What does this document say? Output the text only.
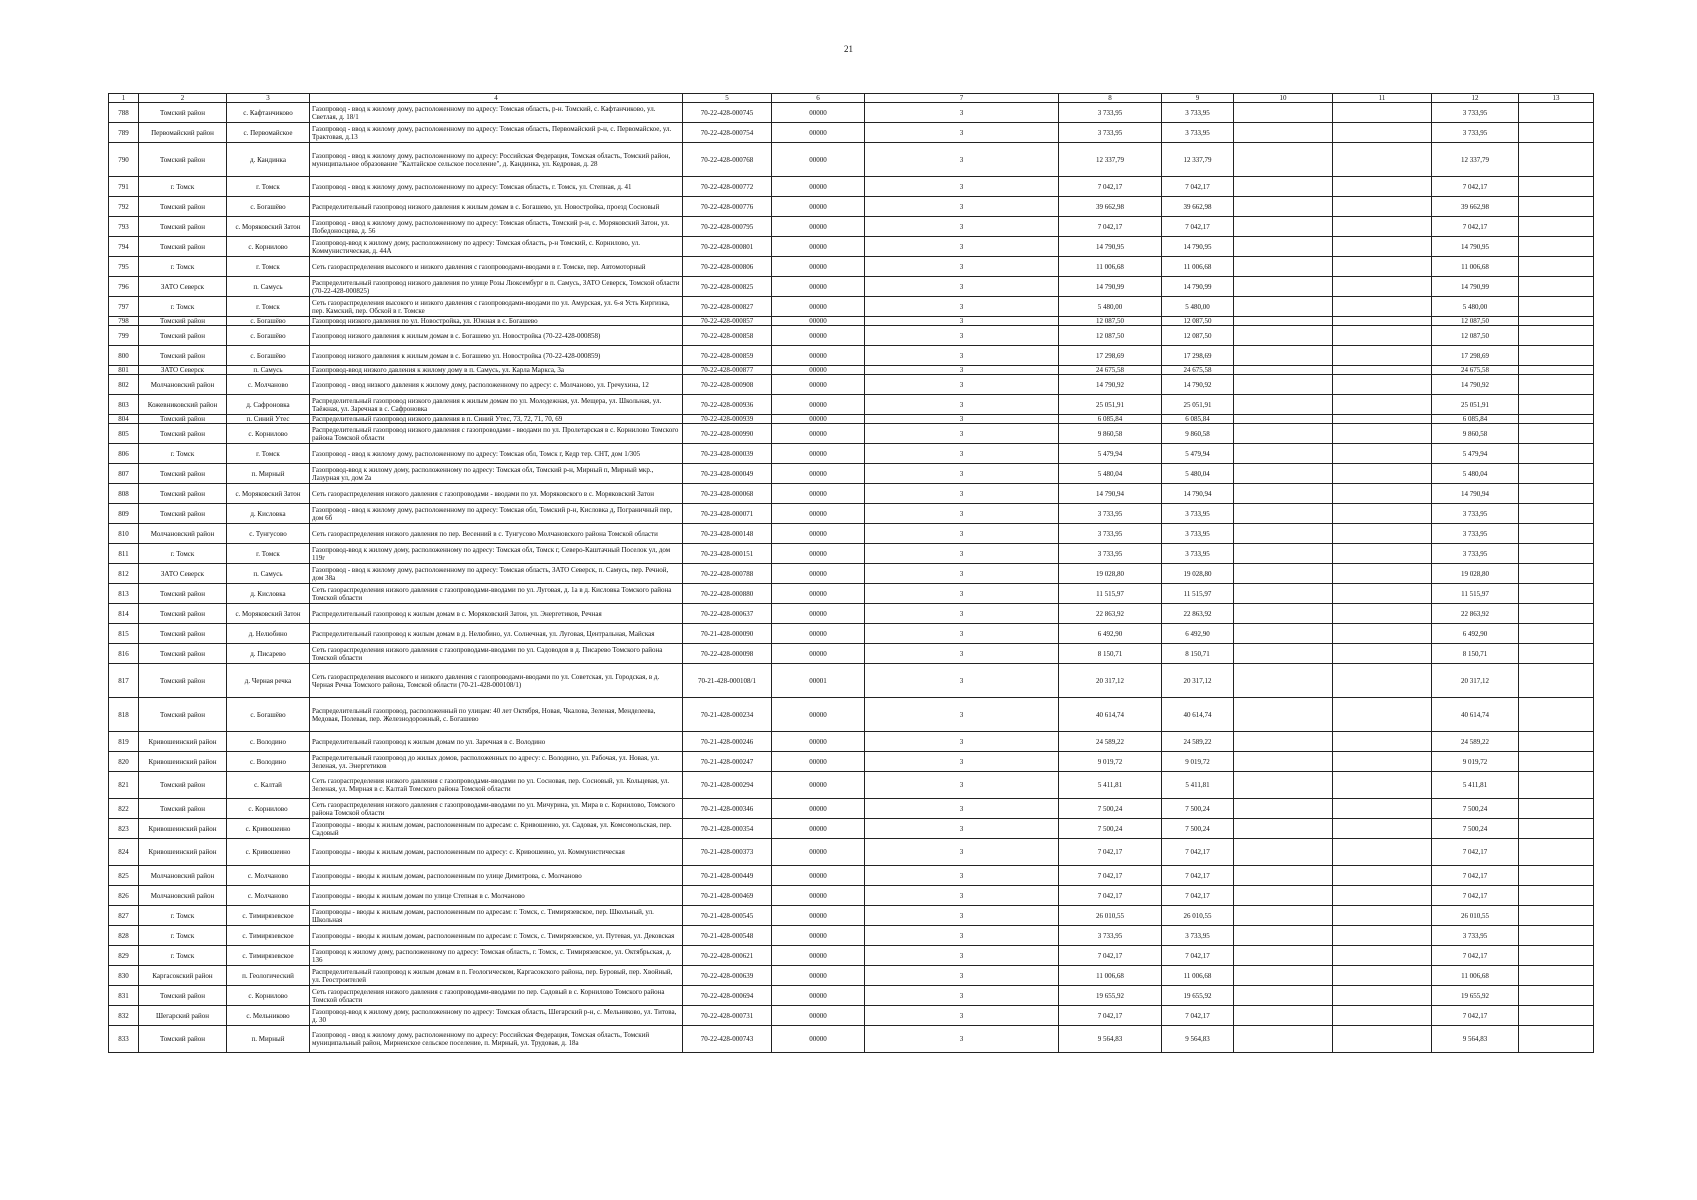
21
1	2	3	4	5	6	7	8	9	10	11	12	13
788	Томский район	с. Кафтанчиково	Газопровод - ввод к жилому дому, расположенному по адресу: Томская область, р-н. Томский, с. Кафтанчиково, ул. Светлая, д. 18/1	70-22-428-000745	00000	3	3 733,95	3 733,95			3 733,95	
789	Первомайский район	с. Первомайское	Газопровод - ввод к жилому дому, расположенному по адресу: Томская область, Первомайский р-н, с. Первомайское, ул. Трактовая, д.13	70-22-428-000754	00000	3	3 733,95	3 733,95			3 733,95	
790	Томский район	д. Кандинка	Газопровод - ввод к жилому дому, расположенному по адресу: Российская Федерация, Томская область, Томский район, муниципальное образование "Калтайское сельское поселение", д. Кандинка, ул. Кедровая, д. 28	70-22-428-000768	00000	3	12 337,79	12 337,79			12 337,79	
791	г. Томск	г. Томск	Газопровод - ввод к жилому дому, расположенному по адресу: Томская область, г. Томск, ул. Степная, д. 41	70-22-428-000772	00000	3	7 042,17	7 042,17			7 042,17	
792	Томский район	с. Богашёво	Распределительный газопровод низкого давления к жилым домам в с. Богашево, ул. Новостройка, проезд Сосновый	70-22-428-000776	00000	3	39 662,98	39 662,98			39 662,98	
793	Томский район	с. Моряковский Затон	Газопровод - ввод к жилому дому, расположенному по адресу: Томская область, Томский р-н, с. Моряковский Затон, ул. Победоносцева, д. 56	70-22-428-000795	00000	3	7 042,17	7 042,17			7 042,17	
794	Томский район	с. Корнилово	Газопровод-ввод к жилому дому, расположенному по адресу: Томская область, р-н Томский, с. Корнилово, ул. Коммунистическая, д. 44А	70-22-428-000801	00000	3	14 790,95	14 790,95			14 790,95	
795	г. Томск	г. Томск	Сеть газораспределения высокого и низкого давления с газопроводами-вводами в г. Томске, пер. Автомоторный	70-22-428-000806	00000	3	11 006,68	11 006,68			11 006,68	
796	ЗАТО Северск	п. Самусь	Распределительный газопровод низкого давления по улице Розы Люксембург в п. Самусь, ЗАТО Северск, Томской области (70-22-428-000825)	70-22-428-000825	00000	3	14 790,99	14 790,99			14 790,99	
797	г. Томск	г. Томск	Сеть газораспределения высокого и низкого давления с газопроводами-вводами по ул. Амурская, ул. 6-я Усть Киргизка, пер. Камский, пер. Обской в г. Томске	70-22-428-000827	00000	3	5 480,00	5 480,00			5 480,00	
798	Томский район	с. Богашёво	Газопровод низкого давления по ул. Новостройка, ул. Южная в с. Богашево	70-22-428-000857	00000	3	12 087,50	12 087,50			12 087,50	
799	Томский район	с. Богашёво	Газопровод низкого давления к жилым домам в с. Богашево ул. Новостройка (70-22-428-000858)	70-22-428-000858	00000	3	12 087,50	12 087,50			12 087,50	
800	Томский район	с. Богашёво	Газопровод низкого давления к жилым домам в с. Богашево ул. Новостройка (70-22-428-000859)	70-22-428-000859	00000	3	17 298,69	17 298,69			17 298,69	
801	ЗАТО Северск	п. Самусь	Газопровод-ввод низкого давления к жилому дому в п. Самусь, ул. Карла Маркса, 3а	70-22-428-000877	00000	3	24 675,58	24 675,58			24 675,58	
802	Молчановский район	с. Молчаново	Газопровод - ввод низкого давления к жилому дому, расположенному по адресу: с. Молчаново, ул. Гречухина, 12	70-22-428-000908	00000	3	14 790,92	14 790,92			14 790,92	
803	Кожевниковский район	д. Сафроновка	Распределительный газопровод низкого давления к жилым домам по ул. Молодежная, ул. Мещера, ул. Школьная, ул. Таёжная, ул. Заречная в с. Сафроновка	70-22-428-000936	00000	3	25 051,91	25 051,91			25 051,91	
804	Томский район	п. Синий Утес	Распределительный газопровод низкого давления в п. Синий Утес, 73, 72, 71, 70, 69	70-22-428-000939	00000	3	6 085,84	6 085,84			6 085,84	
805	Томский район	с. Корнилово	Распределительный газопровод низкого давления с газопроводами - вводами по ул. Пролетарская в с. Корнилово Томского района Томской области	70-22-428-000990	00000	3	9 860,58	9 860,58			9 860,58	
806	г. Томск	г. Томск	Газопровод - ввод к жилому дому, расположенному по адресу: Томская обл, Томск г, Кедр тер. СНТ, дом 1/305	70-23-428-000039	00000	3	5 479,94	5 479,94			5 479,94	
807	Томский район	п. Мирный	Газопровод-ввод к жилому дому, расположенному по адресу: Томская обл, Томский р-н, Мирный п, Мирный мкр., Лазурная ул, дом 2а	70-23-428-000049	00000	3	5 480,04	5 480,04			5 480,04	
808	Томский район	с. Моряковский Затон	Сеть газораспределения низкого давления с газопроводами - вводами по ул. Моряковского в с. Моряковский Затон	70-23-428-000068	00000	3	14 790,94	14 790,94			14 790,94	
809	Томский район	д. Кисловка	Газопровод - ввод к жилому дому, расположенному по адресу: Томская обл, Томский р-н, Кисловка д, Пограничный пер, дом 6б	70-23-428-000071	00000	3	3 733,95	3 733,95			3 733,95	
810	Молчановский район	с. Тунгусово	Сеть газораспределения низкого давления по пер. Весенний в с. Тунгусово Молчановского района Томской области	70-23-428-000148	00000	3	3 733,95	3 733,95			3 733,95	
811	г. Томск	г. Томск	Газопровод-ввод к жилому дому, расположенному по адресу: Томская обл, Томск г, Северо-Каштачный Поселок ул, дом 119г	70-23-428-000151	00000	3	3 733,95	3 733,95			3 733,95	
812	ЗАТО Северск	п. Самусь	Газопровод - ввод к жилому дому, расположенному по адресу: Томская область, ЗАТО Северск, п. Самусь, пер. Речной, дом 38а	70-22-428-000788	00000	3	19 028,80	19 028,80			19 028,80	
813	Томский район	д. Кисловка	Сеть газораспределения низкого давления с газопроводами-вводами по ул. Луговая, д. 1а в д. Кисловка Томского района Томской области	70-22-428-000880	00000	3	11 515,97	11 515,97			11 515,97	
814	Томский район	с. Моряковский Затон	Распределительный газопровод к жилым домам в с. Моряковский Затон, ул. Энергетиков, Речная	70-22-428-000637	00000	3	22 863,92	22 863,92			22 863,92	
815	Томский район	д. Нелюбино	Распределительный газопровод к жилым домам в д. Нелюбино, ул. Солнечная, ул. Луговая, Центральная, Майская	70-21-428-000090	00000	3	6 492,90	6 492,90			6 492,90	
816	Томский район	д. Писарево	Сеть газораспределения низкого давления с газопроводами-вводами по ул. Садоводов в д. Писарево Томского района Томской области	70-22-428-000098	00000	3	8 150,71	8 150,71			8 150,71	
817	Томский район	д. Черная речка	Сеть газораспределения высокого и низкого давления с газопроводами-вводами по ул. Советская, ул. Городская, в д. Черная Речка Томского района, Томской области (70-21-428-000108/1)	70-21-428-000108/1	00001	3	20 317,12	20 317,12			20 317,12	
818	Томский район	с. Богашёво	Распределительный газопровод, расположенный по улицам: 40 лет Октября, Новая, Чкалова, Зеленая, Менделеева, Медовая, Полевая, пер. Железнодорожный, с. Богашево	70-21-428-000234	00000	3	40 614,74	40 614,74			40 614,74	
819	Кривошеинский район	с. Володино	Распределительный газопровод к жилым домам по ул. Заречная в с. Володино	70-21-428-000246	00000	3	24 589,22	24 589,22			24 589,22	
820	Кривошеинский район	с. Володино	Распределительный газопровод до жилых домов, расположенных по адресу: с. Володино, ул. Рабочая, ул. Новая, ул. Зеленая, ул. Энергетиков	70-21-428-000247	00000	3	9 019,72	9 019,72			9 019,72	
821	Томский район	с. Калтай	Сеть газораспределения низкого давления с газопроводами-вводами по ул. Сосновая, пер. Сосновый, ул. Кольцевая, ул. Зеленая, ул. Мирная в с. Калтай Томского района Томской области	70-21-428-000294	00000	3	5 411,81	5 411,81			5 411,81	
822	Томский район	с. Корнилово	Сеть газораспределения низкого давления с газопроводами-вводами по ул. Мичурина, ул. Мира в с. Корнилово, Томского района Томской области	70-21-428-000346	00000	3	7 500,24	7 500,24			7 500,24	
823	Кривошеинский район	с. Кривошеино	Газопроводы - вводы к жилым домам, расположенным по адресам: с. Кривошеино, ул. Садовая, ул. Комсомольская, пер. Садовый	70-21-428-000354	00000	3	7 500,24	7 500,24			7 500,24	
824	Кривошеинский район	с. Кривошеино	Газопроводы - вводы к жилым домам, расположенным по адресу: с. Кривошеино, ул. Коммунистическая	70-21-428-000373	00000	3	7 042,17	7 042,17			7 042,17	
825	Молчановский район	с. Молчаново	Газопроводы - вводы к жилым домам, расположенным по улице Димитрова, с. Молчаново	70-21-428-000449	00000	3	7 042,17	7 042,17			7 042,17	
826	Молчановский район	с. Молчаново	Газопроводы - вводы к жилым домам по улице Степная в с. Молчаново	70-21-428-000469	00000	3	7 042,17	7 042,17			7 042,17	
827	г. Томск	с. Тимирязевское	Газопроводы - вводы к жилым домам, расположенным по адресам: г. Томск, с. Тимирязевское, пер. Школьный, ул. Школьная	70-21-428-000545	00000	3	26 010,55	26 010,55			26 010,55	
828	г. Томск	с. Тимирязевское	Газопроводы - вводы к жилым домам, расположенным по адресам: г. Томск, с. Тимирязевское, ул. Путевая, ул. Дековская	70-21-428-000548	00000	3	3 733,95	3 733,95			3 733,95	
829	г. Томск	с. Тимирязевское	Газопровод к жилому дому, расположенному по адресу: Томская область, г. Томск, с. Тимирязевское, ул. Октябрьская, д. 136	70-22-428-000621	00000	3	7 042,17	7 042,17			7 042,17	
830	Каргасокский район	п. Геологический	Распределительный газопровод к жилым домам в п. Геологическом, Каргасокского района, пер. Буровый, пер. Хвойный, ул. Геостроителей	70-22-428-000639	00000	3	11 006,68	11 006,68			11 006,68	
831	Томский район	с. Корнилово	Сеть газораспределения низкого давления с газопроводами-вводами по пер. Садовый в с. Корнилово Томского района Томской области	70-22-428-000694	00000	3	19 655,92	19 655,92			19 655,92	
832	Шегарский район	с. Мельниково	Газопровод-ввод к жилому дому, расположенному по адресу: Томская область, Шегарский р-н, с. Мельниково, ул. Титова, д. 30	70-22-428-000731	00000	3	7 042,17	7 042,17			7 042,17	
833	Томский район	п. Мирный	Газопровод - ввод к жилому дому, расположенному по адресу: Российская Федерация, Томская область, Томский муниципальный район, Мирненское сельское поселение, п. Мирный, ул. Трудовая, д. 18а	70-22-428-000743	00000	3	9 564,83	9 564,83			9 564,83	
